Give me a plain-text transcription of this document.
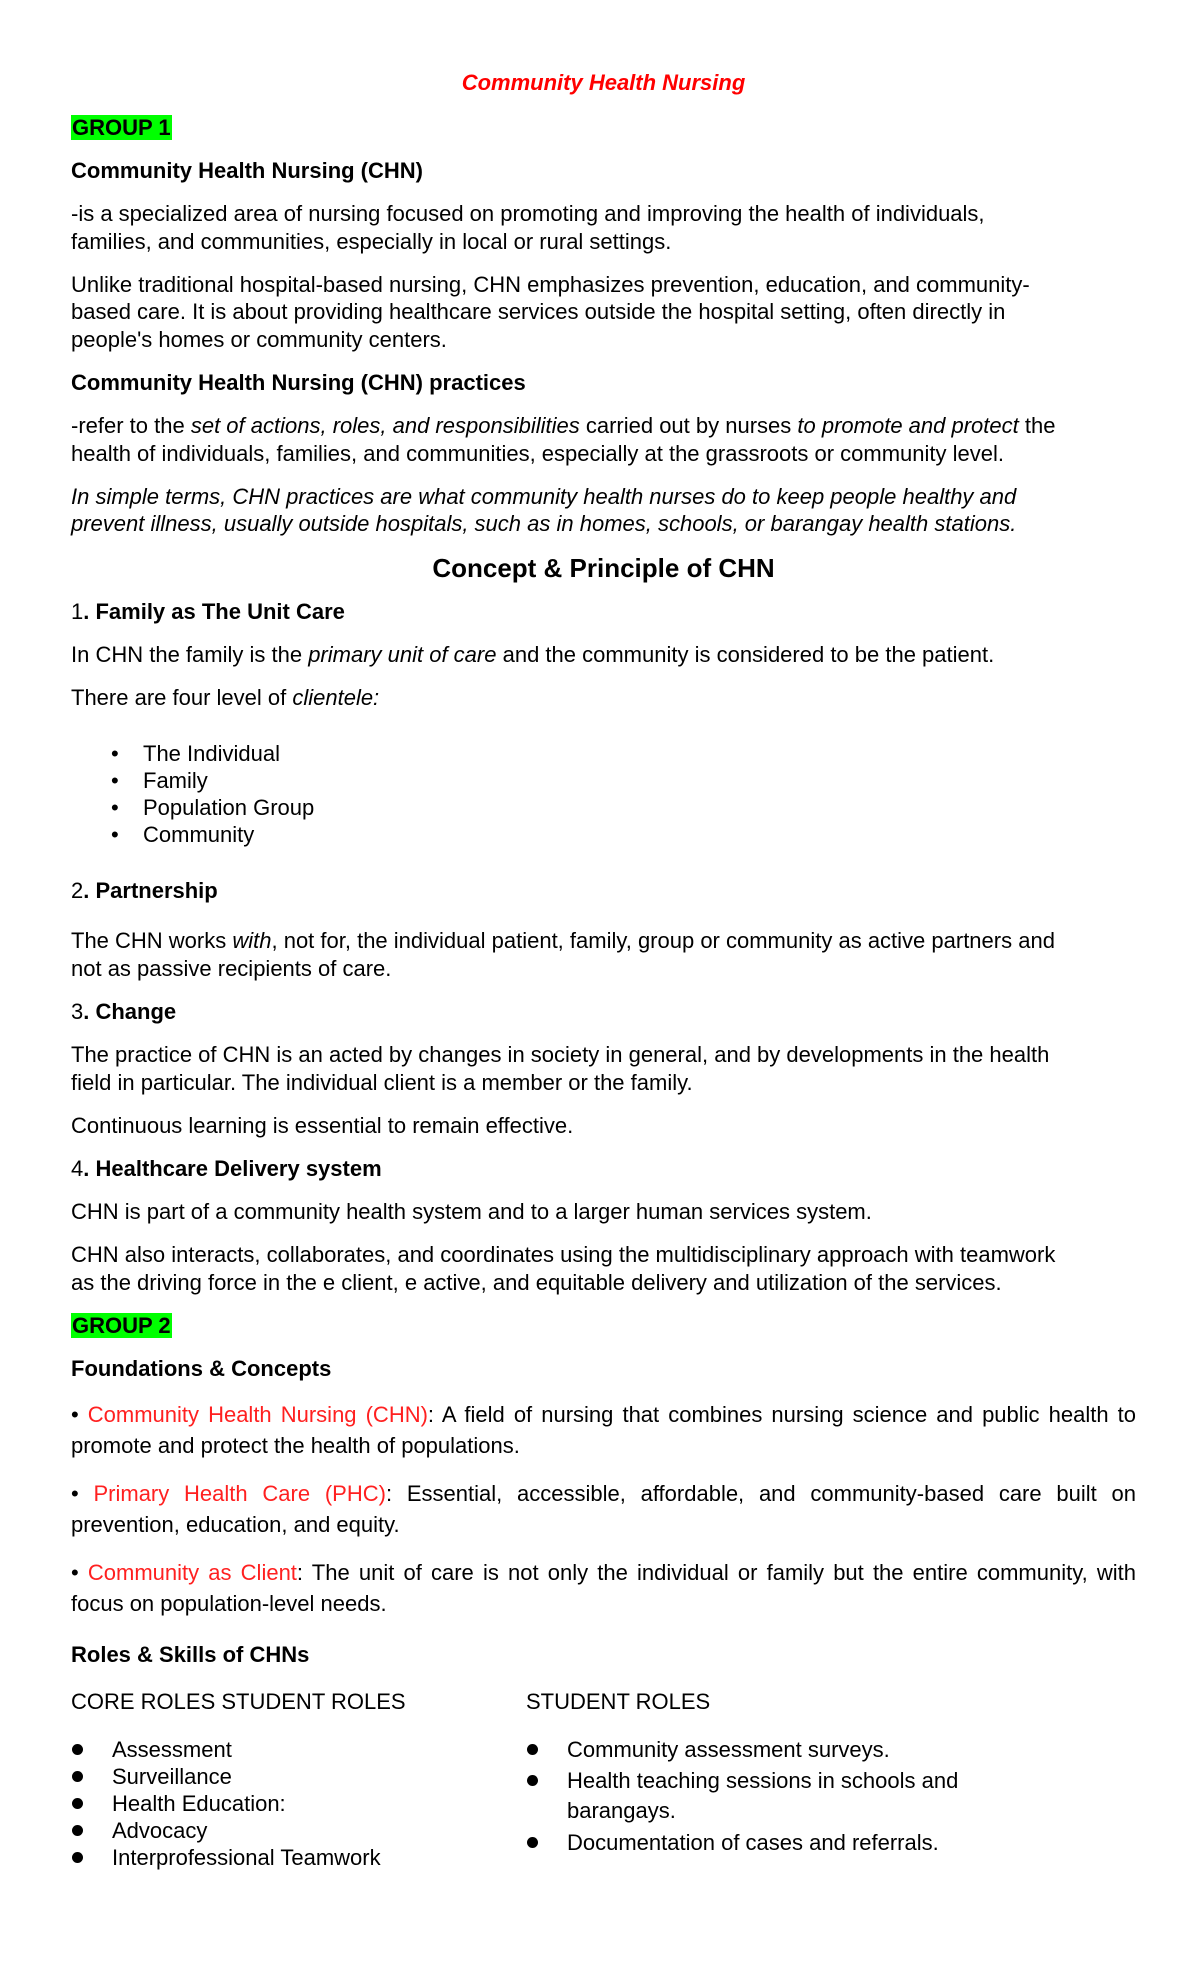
Community Health Nursing
GROUP 1
Community Health Nursing (CHN)
-is a specialized area of nursing focused on promoting and improving the health of individuals,
families, and communities, especially in local or rural settings.
Unlike traditional hospital-based nursing, CHN emphasizes prevention, education, and community-
based care. It is about providing healthcare services outside the hospital setting, often directly in
people's homes or community centers.
Community Health Nursing (CHN) practices
-refer to the set of actions, roles, and responsibilities carried out by nurses to promote and protect the
health of individuals, families, and communities, especially at the grassroots or community level.
In simple terms, CHN practices are what community health nurses do to keep people healthy and
prevent illness, usually outside hospitals, such as in homes, schools, or barangay health stations.
Concept & Principle of CHN
1. Family as The Unit Care
In CHN the family is the primary unit of care and the community is considered to be the patient.
There are four level of clientele:
• The Individual
• Family
• Population Group
• Community
2. Partnership
The CHN works with, not for, the individual patient, family, group or community as active partners and
not as passive recipients of care.
3. Change
The practice of CHN is an acted by changes in society in general, and by developments in the health
field in particular. The individual client is a member or the family.
Continuous learning is essential to remain effective.
4. Healthcare Delivery system
CHN is part of a community health system and to a larger human services system.
CHN also interacts, collaborates, and coordinates using the multidisciplinary approach with teamwork
as the driving force in the e client, e active, and equitable delivery and utilization of the services.
GROUP 2
Foundations & Concepts
• Community Health Nursing (CHN): A field of nursing that combines nursing science and public health to promote and protect the health of populations.
• Primary Health Care (PHC): Essential, accessible, affordable, and community-based care built on prevention, education, and equity.
• Community as Client: The unit of care is not only the individual or family but the entire community, with focus on population-level needs.
Roles & Skills of CHNs
CORE ROLES STUDENT ROLES	STUDENT ROLES
Assessment
Surveillance
Health Education:
Advocacy
Interprofessional Teamwork
Community assessment surveys.
Health teaching sessions in schools and
barangays.
Documentation of cases and referrals.
